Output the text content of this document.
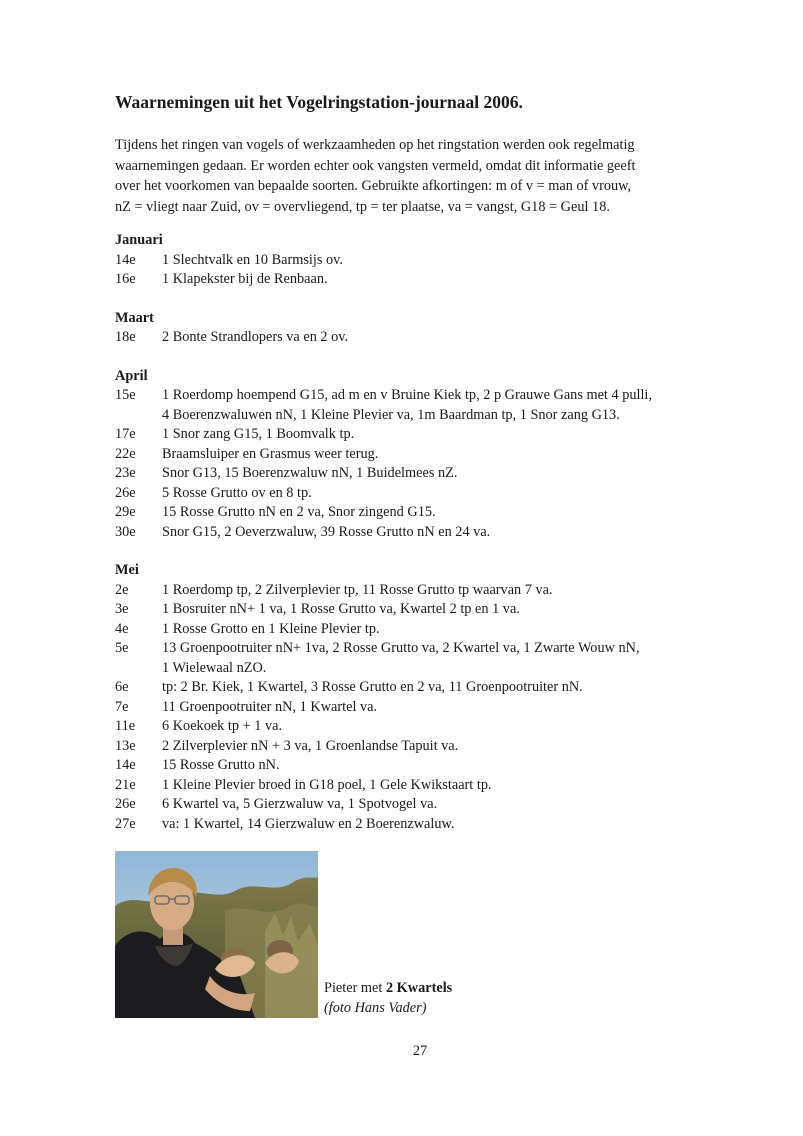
Waarnemingen uit het Vogelringstation-journaal 2006.
Tijdens het ringen van vogels of werkzaamheden op het ringstation werden ook regelmatig
waarnemingen gedaan. Er worden echter ook vangsten vermeld, omdat dit informatie geeft
over het voorkomen van bepaalde soorten. Gebruikte afkortingen: m of v = man of vrouw,
nZ = vliegt naar Zuid, ov = overvliegend, tp = ter plaatse, va = vangst, G18 = Geul 18.
Januari
14e	1 Slechtvalk en 10 Barmsijs ov.
16e	1 Klapekster bij de Renbaan.
Maart
18e	2 Bonte Strandlopers va en 2 ov.
April
15e	1 Roerdomp hoempend G15, ad m en v Bruine Kiek tp, 2 p Grauwe Gans met 4 pulli,
4 Boerenzwaluwen nN, 1 Kleine Plevier va, 1m Baardman tp, 1 Snor zang G13.
17e	1 Snor zang G15, 1 Boomvalk tp.
22e	Braamsluiper en Grasmus weer terug.
23e	Snor G13, 15 Boerenzwaluw nN, 1 Buidelmees nZ.
26e	5 Rosse Grutto ov en 8 tp.
29e	15 Rosse Grutto nN en 2 va, Snor zingend G15.
30e	Snor G15, 2 Oeverzwaluw, 39 Rosse Grutto nN en 24 va.
Mei
2e	1 Roerdomp tp, 2 Zilverplevier tp, 11 Rosse Grutto tp waarvan 7 va.
3e	1 Bosruiter nN+ 1 va, 1 Rosse Grutto va, Kwartel 2 tp en 1 va.
4e	1 Rosse Grotto en 1 Kleine Plevier tp.
5e	13 Groenpootruiter nN+ 1va, 2 Rosse Grutto va, 2 Kwartel va, 1 Zwarte Wouw nN,
1 Wielewaal nZO.
6e	tp: 2 Br. Kiek, 1 Kwartel, 3 Rosse Grutto en 2 va, 11 Groenpootruiter nN.
7e	11 Groenpootruiter nN, 1 Kwartel va.
11e	6 Koekoek tp + 1 va.
13e	2 Zilverplevier nN + 3 va, 1 Groenlandse Tapuit va.
14e	15 Rosse Grutto nN.
21e	1 Kleine Plevier broed in G18 poel, 1 Gele Kwikstaart tp.
26e	6 Kwartel va, 5 Gierzwaluw va, 1 Spotvogel va.
27e	va: 1 Kwartel, 14 Gierzwaluw en 2 Boerenzwaluw.
Pieter met 2 Kwartels
(foto Hans Vader)
27
